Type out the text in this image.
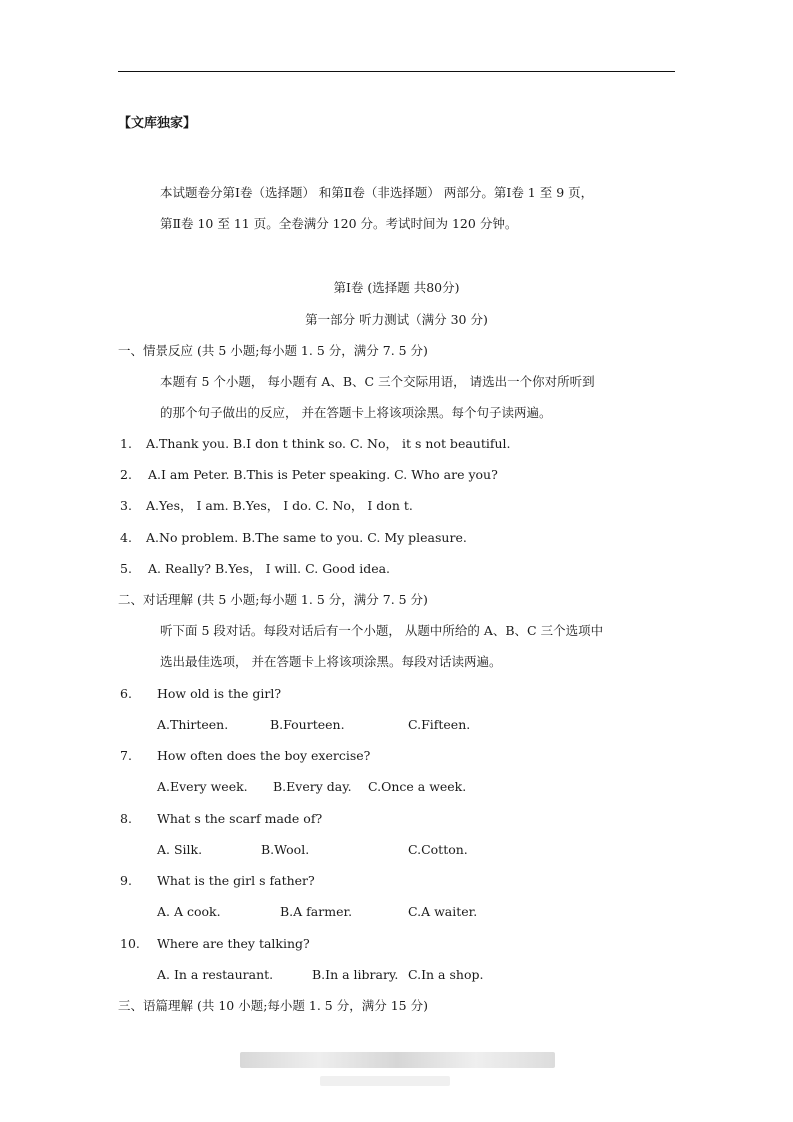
【文库独家】
本试题卷分第Ⅰ卷（选择题） 和第Ⅱ卷（非选择题） 两部分。第Ⅰ卷 1 至 9 页，
第Ⅱ卷 10 至 11 页。全卷满分 120 分。考试时间为 120 分钟。
第Ⅰ卷 (选择题 共80分)
第一部分 听力测试（满分 30 分)
一、情景反应 (共 5 小题;每小题 1. 5 分，满分 7. 5 分)
本题有 5 个小题， 每小题有 A、B、C 三个交际用语， 请选出一个你对所听到
的那个句子做出的反应， 并在答题卡上将该项涂黑。每个句子读两遍。
1. A.Thank you. B.I don t think so. C. No， it s not beautiful.
2. A.I am Peter. B.This is Peter speaking. C. Who are you?
3. A.Yes， I am. B.Yes， I do. C. No， I don t.
4. A.No problem. B.The same to you. C. My pleasure.
5. A. Really? B.Yes， I will. C. Good idea.
二、对话理解 (共 5 小题;每小题 1. 5 分，满分 7. 5 分)
听下面 5 段对话。每段对话后有一个小题， 从题中所给的 A、B、C 三个选项中
选出最佳选项， 并在答题卡上将该项涂黑。每段对话读两遍。
6. How old is the girl?
A.Thirteen.	B.Fourteen.	C.Fifteen.
7. How often does the boy exercise?
A.Every week. B.Every day. C.Once a week.
8. What s the scarf made of?
A. Silk.	B.Wool.	C.Cotton.
9. What is the girl s father?
A. A cook.	B.A farmer.	C.A waiter.
10. Where are they talking?
A. In a restaurant.	B.In a library. C.In a shop.
三、语篇理解 (共 10 小题;每小题 1. 5 分，满分 15 分)
